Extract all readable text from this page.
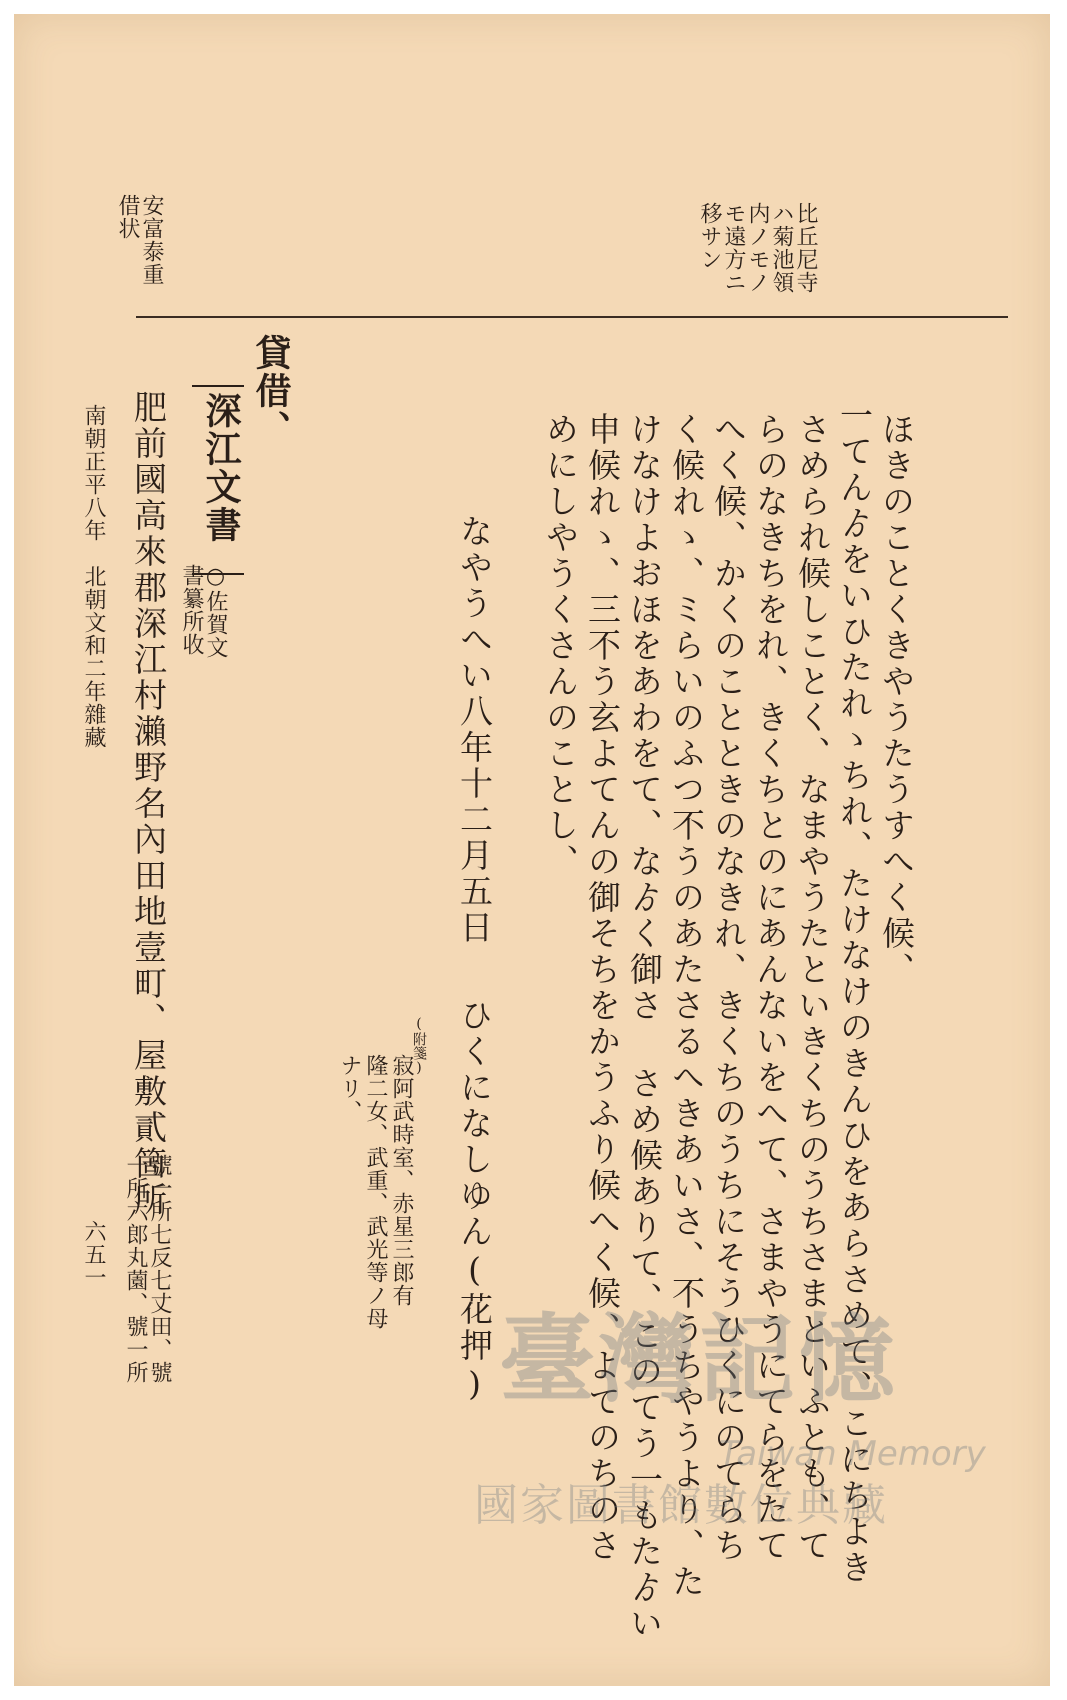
比丘尼寺
ハ菊池領
内ノモノ
モ遠方ニ
移サン
安富泰重
借状
ほきのことくきやうたうすへく候、
一てんゟをいひたれゝちれ、たけなけのきんひをあらさめて、こにちよき
さめられ候しことく、なまやうたといきくちのうちさまといふとも、て
らのなきちをれ、きくちとのにあんないをへて、さまやうにてらをたて
へく候、かくのことときのなきれ、きくちのうちにそうひくにのてらち
く候れゝ、ミらいのふつ不うのあたさるへきあいさ、不うちやうより、た
けなけよおほをあわをて、なゟく御さ さめ候ありて、このてう一もたゟい
申候れゝ、三不う玄よてんの御そちをかうふり候へく候、よてのちのさ
めにしやうくさんのことし、
なやうへい八年十二月五日
ひくになしゆん(花押)
(附箋)
寂阿武時室、赤星三郎有
隆二女、武重、武光等ノ母
ナリ、
貸借、
深江文書
○佐賀文
書纂所收
肥前國高來郡深江村瀨野名內田地壹町、屋敷貳箇所
號一所七反七丈田、號
一所六郎丸薗、號一所
南朝正平八年　北朝文和二年雜藏
六五一
臺灣記憶
Taiwan Memory
國家圖書館數位典藏
